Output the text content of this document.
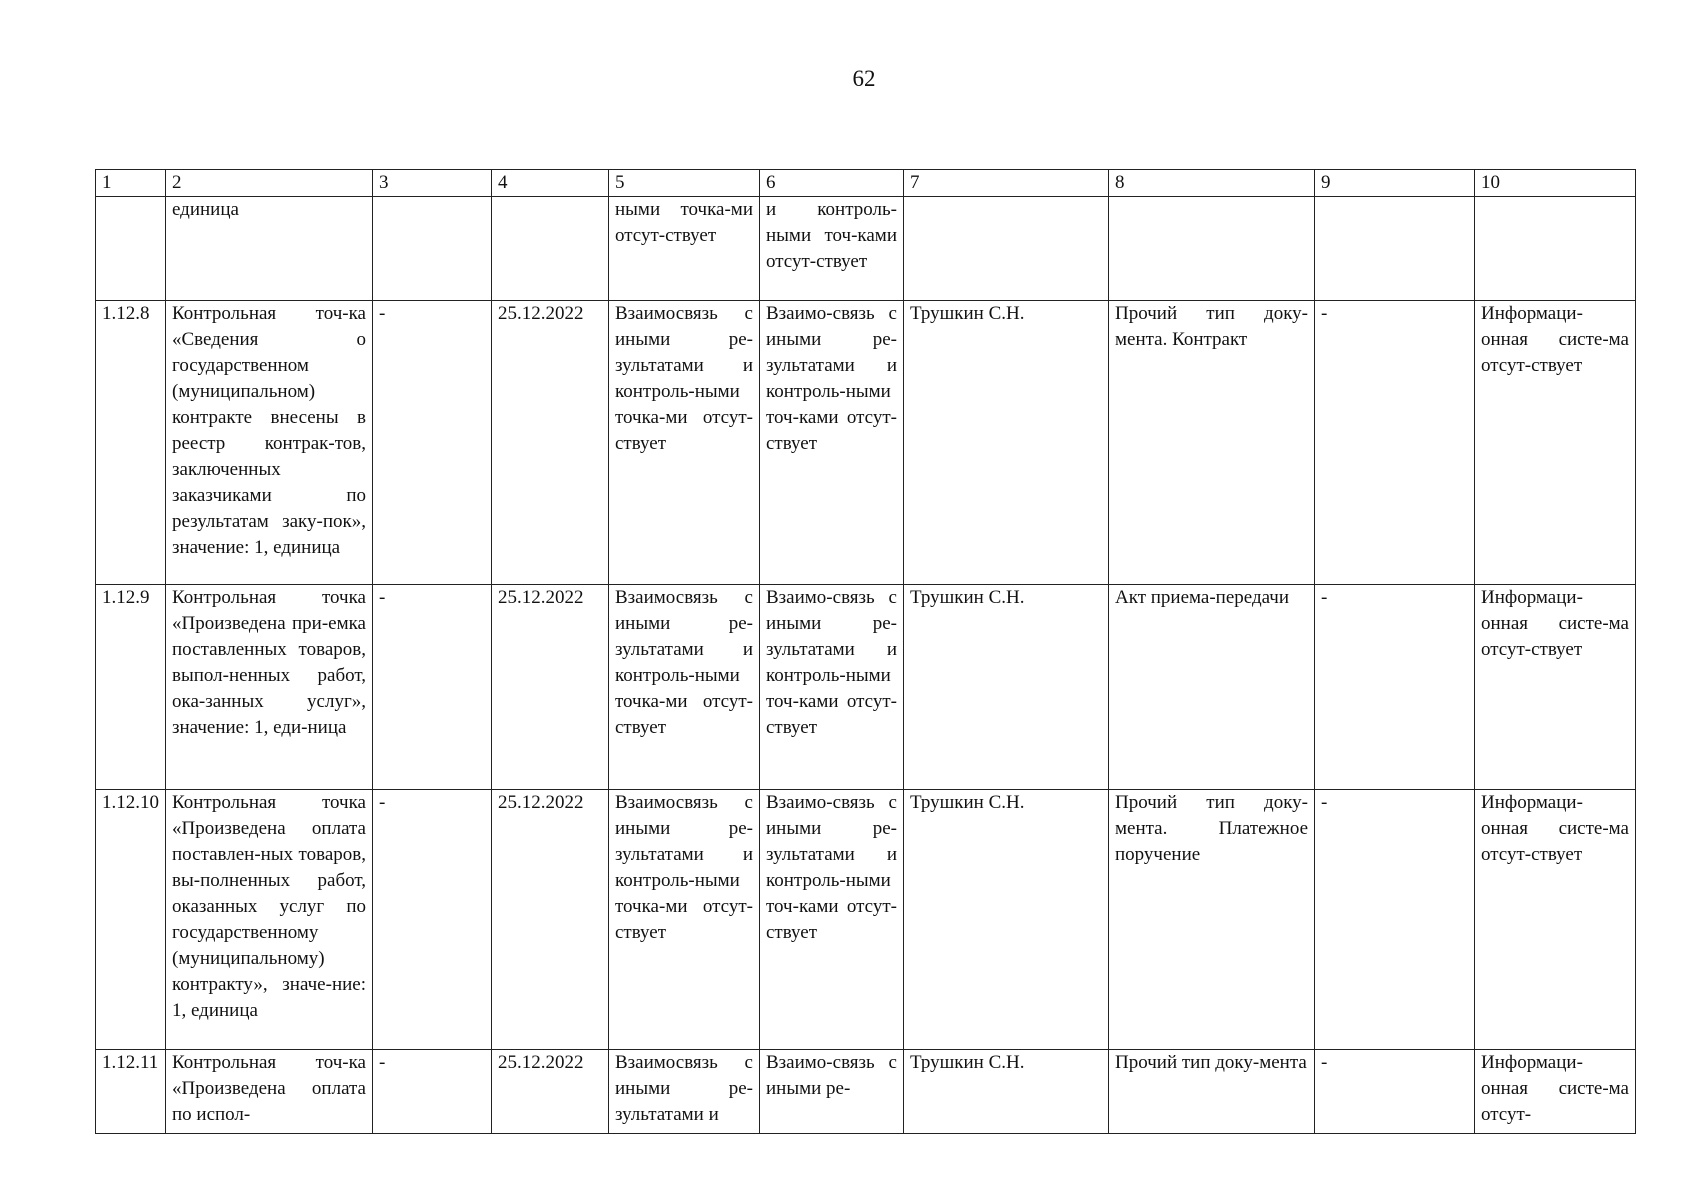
62
1	2	3	4	5	6	7	8	9	10
	единица			ными точка-ми отсут-ствует	и контроль-ными точ-ками отсут-ствует				
1.12.8	Контрольная точ-ка «Сведения о государственном (муниципальном) контракте внесены в реестр контрак-тов, заключенных заказчиками по результатам заку-пок», значение: 1, единица	-	25.12.2022	Взаимосвязь с иными ре-зультатами и контроль-ными точка-ми отсут-ствует	Взаимо-связь с иными ре-зультатами и контроль-ными точ-ками отсут-ствует	Трушкин С.Н.	Прочий тип доку-мента. Контракт	-	Информаци-онная систе-ма отсут-ствует
1.12.9	Контрольная точка «Произведена при-емка поставленных товаров, выпол-ненных работ, ока-занных услуг», значение: 1, еди-ница	-	25.12.2022	Взаимосвязь с иными ре-зультатами и контроль-ными точка-ми отсут-ствует	Взаимо-связь с иными ре-зультатами и контроль-ными точ-ками отсут-ствует	Трушкин С.Н.	Акт приема-передачи	-	Информаци-онная систе-ма отсут-ствует
1.12.10	Контрольная точка «Произведена оплата поставлен-ных товаров, вы-полненных работ, оказанных услуг по государственному (муниципальному) контракту», значе-ние: 1, единица	-	25.12.2022	Взаимосвязь с иными ре-зультатами и контроль-ными точка-ми отсут-ствует	Взаимо-связь с иными ре-зультатами и контроль-ными точ-ками отсут-ствует	Трушкин С.Н.	Прочий тип доку-мента. Платежное поручение	-	Информаци-онная систе-ма отсут-ствует
1.12.11	Контрольная точ-ка «Произведена оплата по испол-	-	25.12.2022	Взаимосвязь с иными ре-зультатами и	Взаимо-связь с иными ре-	Трушкин С.Н.	Прочий тип доку-мента	-	Информаци-онная систе-ма отсут-
